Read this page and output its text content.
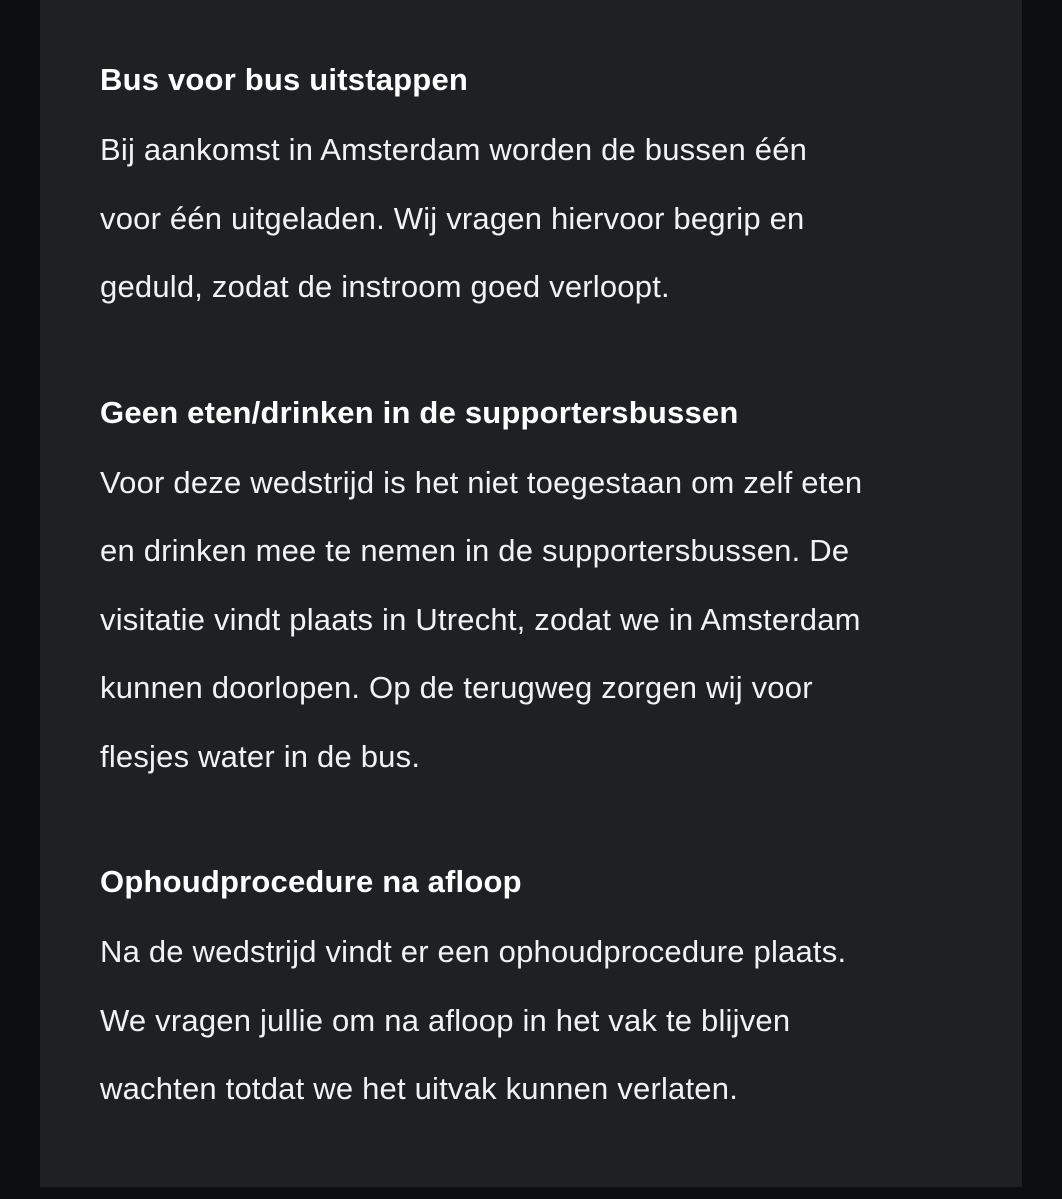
Bus voor bus uitstappen

Bij aankomst in Amsterdam worden de bussen één
voor één uitgeladen. Wij vragen hiervoor begrip en
geduld, zodat de instroom goed verloopt.

Geen eten/drinken in de supportersbussen

Voor deze wedstrijd is het niet toegestaan om zelf eten
en drinken mee te nemen in de supportersbussen. De
visitatie vindt plaats in Utrecht, zodat we in Amsterdam
kunnen doorlopen. Op de terugweg zorgen wij voor
flesjes water in de bus.

Ophoudprocedure na afloop

Na de wedstrijd vindt er een ophoudprocedure plaats.
We vragen jullie om na afloop in het vak te blijven
wachten totdat we het uitvak kunnen verlaten.
